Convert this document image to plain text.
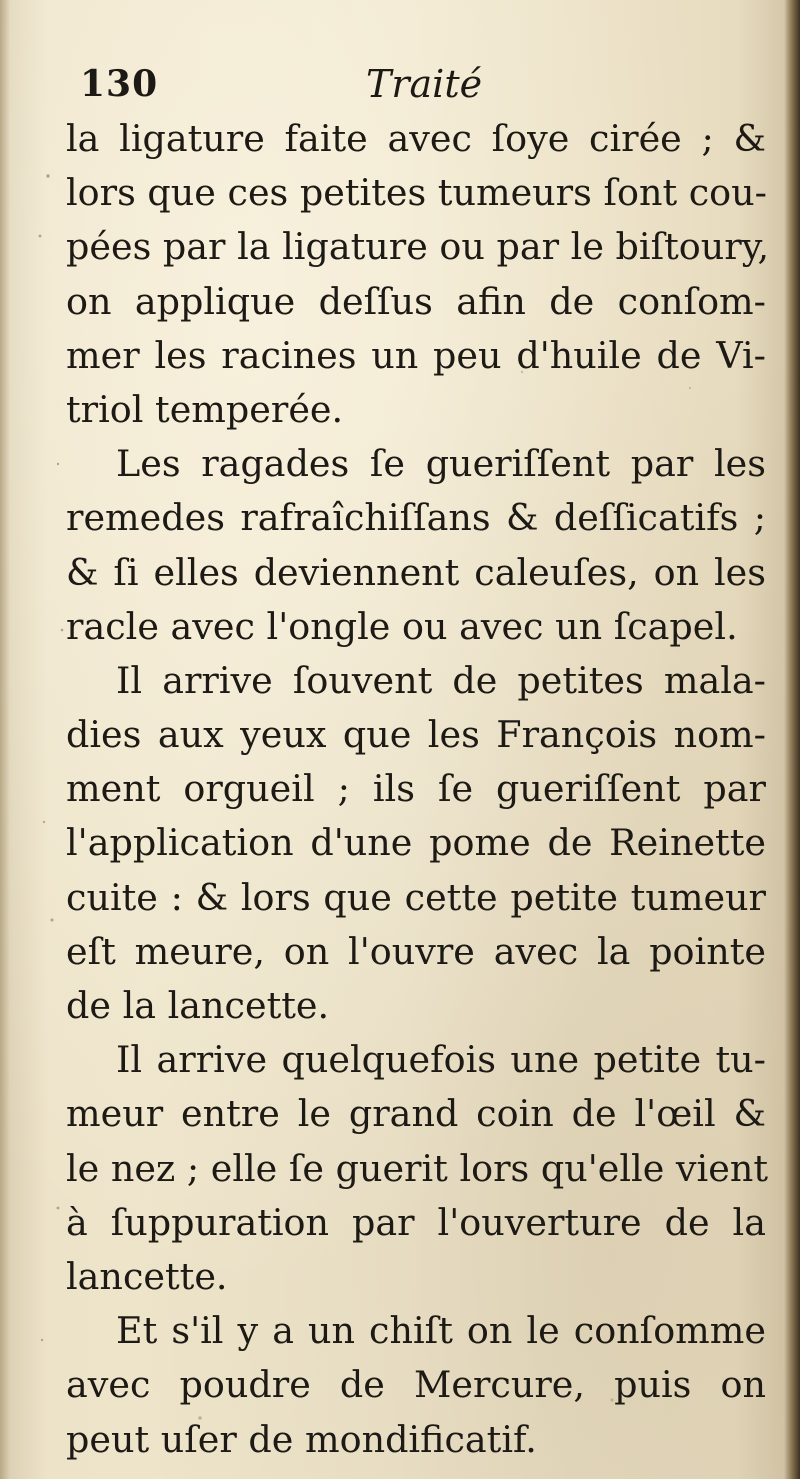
130	Traité
la ligature faite avec ſoye cirée ; &
lors que ces petites tumeurs ſont cou-
pées par la ligature ou par le biſtoury,
on applique deſſus afin de conſom-
mer les racines un peu d'huile de Vi-
triol temperée.
Les ragades ſe gueriſſent par les
remedes rafraîchiſſans & deſſicatifs ;
& ſi elles deviennent caleuſes, on les
racle avec l'ongle ou avec un ſcapel.
Il arrive ſouvent de petites mala-
dies aux yeux que les François nom-
ment orgueil ; ils ſe gueriſſent par
l'application d'une pome de Reinette
cuite : & lors que cette petite tumeur
eſt meure, on l'ouvre avec la pointe
de la lancette.
Il arrive quelquefois une petite tu-
meur entre le grand coin de l'œil &
le nez ; elle ſe guerit lors qu'elle vient
à ſuppuration par l'ouverture de la
lancette.
Et s'il y a un chiſt on le conſomme
avec poudre de Mercure, puis on
peut uſer de mondificatif.
